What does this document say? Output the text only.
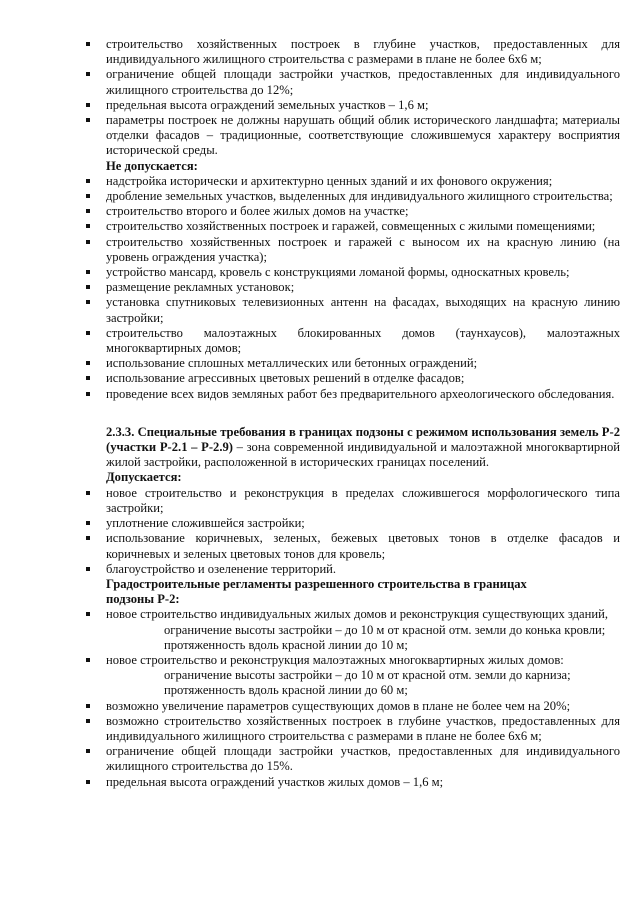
строительство хозяйственных построек в глубине участков, предоставленных для индивидуального жилищного строительства с размерами в плане не более 6х6 м;
ограничение общей площади застройки участков, предоставленных для индивидуального жилищного строительства до 12%;
предельная высота ограждений земельных участков – 1,6 м;
параметры построек не должны нарушать общий облик исторического ландшафта; материалы отделки фасадов – традиционные, соответствующие сложившемуся характеру восприятия исторической среды.
Не допускается:
надстройка исторически и архитектурно ценных зданий и их фонового окружения;
дробление земельных участков, выделенных для индивидуального жилищного строительства;
строительство второго и более жилых домов на участке;
строительство хозяйственных построек и гаражей, совмещенных с жилыми помещениями;
строительство хозяйственных построек и гаражей с выносом их на красную линию (на уровень ограждения участка);
устройство мансард, кровель с конструкциями ломаной формы, односкатных кровель;
размещение рекламных установок;
установка спутниковых телевизионных антенн на фасадах, выходящих на красную линию застройки;
строительство малоэтажных блокированных домов (таунхаусов), малоэтажных многоквартирных домов;
использование сплошных металлических или бетонных ограждений;
использование агрессивных цветовых решений в отделке фасадов;
проведение всех видов земляных работ без предварительного археологического обследования.
2.3.3. Специальные требования в границах подзоны с режимом использования земель Р-2 (участки Р-2.1 – Р-2.9) – зона современной индивидуальной и малоэтажной многоквартирной жилой застройки, расположенной в исторических границах поселений.
Допускается:
новое строительство и реконструкция в пределах сложившегося морфологического типа застройки;
уплотнение сложившейся застройки;
использование коричневых, зеленых, бежевых цветовых тонов в отделке фасадов и коричневых и зеленых цветовых тонов для кровель;
благоустройство и озеленение территорий.
Градостроительные регламенты разрешенного строительства в границах
подзоны Р-2:
новое строительство индивидуальных жилых домов и реконструкция существующих зданий,
ограничение высоты застройки – до 10 м от красной отм. земли до конька кровли;
протяженность вдоль красной линии до 10 м;
новое строительство и реконструкция малоэтажных многоквартирных жилых домов:
ограничение высоты застройки – до 10 м от красной отм. земли до карниза;
протяженность вдоль красной линии до 60 м;
возможно увеличение параметров существующих домов в плане не более чем на 20%;
возможно строительство хозяйственных построек в глубине участков, предоставленных для индивидуального жилищного строительства с размерами в плане не более 6х6 м;
ограничение общей площади застройки участков, предоставленных для индивидуального жилищного строительства до 15%.
предельная высота ограждений участков жилых домов – 1,6 м;
